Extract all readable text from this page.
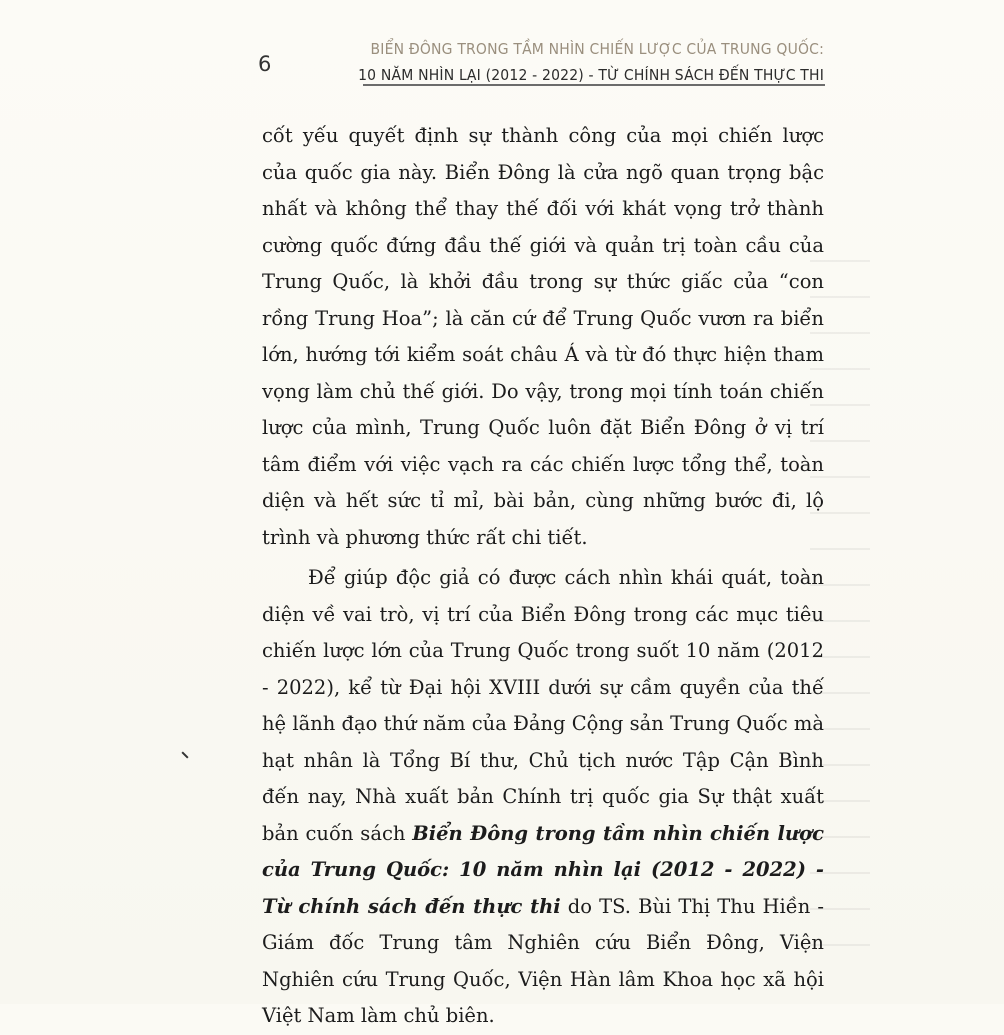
6
BIỂN ĐÔNG TRONG TẦM NHÌN CHIẾN LƯỢC CỦA TRUNG QUỐC:
10 NĂM NHÌN LẠI (2012 - 2022) - TỪ CHÍNH SÁCH ĐẾN THỰC THI

cốt yếu quyết định sự thành công của mọi chiến lược của quốc gia này. Biển Đông là cửa ngõ quan trọng bậc nhất và không thể thay thế đối với khát vọng trở thành cường quốc đứng đầu thế giới và quản trị toàn cầu của Trung Quốc, là khởi đầu trong sự thức giấc của “con rồng Trung Hoa”; là căn cứ để Trung Quốc vươn ra biển lớn, hướng tới kiểm soát châu Á và từ đó thực hiện tham vọng làm chủ thế giới. Do vậy, trong mọi tính toán chiến lược của mình, Trung Quốc luôn đặt Biển Đông ở vị trí tâm điểm với việc vạch ra các chiến lược tổng thể, toàn diện và hết sức tỉ mỉ, bài bản, cùng những bước đi, lộ trình và phương thức rất chi tiết.

Để giúp độc giả có được cách nhìn khái quát, toàn diện về vai trò, vị trí của Biển Đông trong các mục tiêu chiến lược lớn của Trung Quốc trong suốt 10 năm (2012 - 2022), kể từ Đại hội XVIII dưới sự cầm quyền của thế hệ lãnh đạo thứ năm của Đảng Cộng sản Trung Quốc mà hạt nhân là Tổng Bí thư, Chủ tịch nước Tập Cận Bình đến nay, Nhà xuất bản Chính trị quốc gia Sự thật xuất bản cuốn sách Biển Đông trong tầm nhìn chiến lược của Trung Quốc: 10 năm nhìn lại (2012 - 2022) - Từ chính sách đến thực thi do TS. Bùi Thị Thu Hiền - Giám đốc Trung tâm Nghiên cứu Biển Đông, Viện Nghiên cứu Trung Quốc, Viện Hàn lâm Khoa học xã hội Việt Nam làm chủ biên.
